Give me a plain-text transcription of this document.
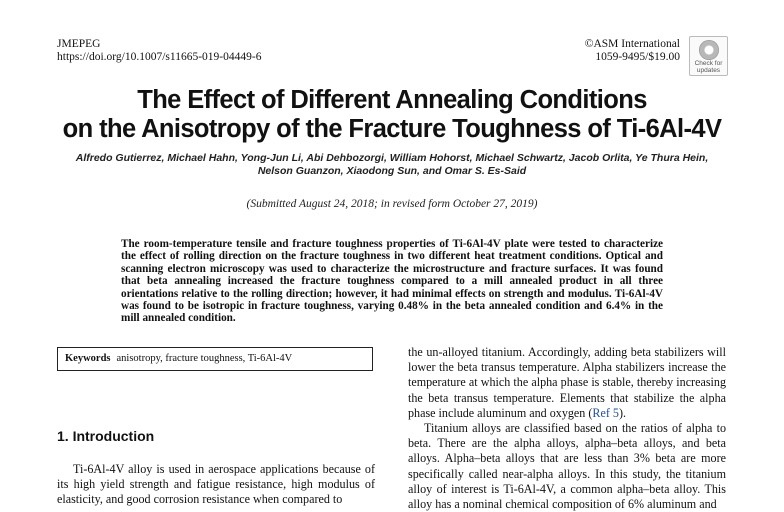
JMEPEG
https://doi.org/10.1007/s11665-019-04449-6
©ASM International
1059-9495/$19.00
Check for
updates
The Effect of Different Annealing Conditions
on the Anisotropy of the Fracture Toughness of Ti-6Al-4V
Alfredo Gutierrez, Michael Hahn, Yong-Jun Li, Abi Dehbozorgi, William Hohorst, Michael Schwartz, Jacob Orlita, Ye Thura Hein,
Nelson Guanzon, Xiaodong Sun, and Omar S. Es-Said
(Submitted August 24, 2018; in revised form October 27, 2019)
The room-temperature tensile and fracture toughness properties of Ti-6Al-4V plate were tested to characterize the effect of rolling direction on the fracture toughness in two different heat treatment conditions. Optical and scanning electron microscopy was used to characterize the microstructure and fracture surfaces. It was found that beta annealing increased the fracture toughness compared to a mill annealed product in all three orientations relative to the rolling direction; however, it had minimal effects on strength and modulus. Ti-6Al-4V was found to be isotropic in fracture toughness, varying 0.48% in the beta annealed condition and 6.4% in the mill annealed condition.
Keywords anisotropy, fracture toughness, Ti-6Al-4V
1. Introduction
Ti-6Al-4V alloy is used in aerospace applications because of its high yield strength and fatigue resistance, high modulus of elasticity, and good corrosion resistance when compared to

the un-alloyed titanium. Accordingly, adding beta stabilizers will lower the beta transus temperature. Alpha stabilizers increase the temperature at which the alpha phase is stable, thereby increasing the beta transus temperature. Elements that stabilize the alpha phase include aluminum and oxygen (Ref 5).

Titanium alloys are classified based on the ratios of alpha to beta. There are the alpha alloys, alpha–beta alloys, and beta alloys. Alpha–beta alloys that are less than 3% beta are more specifically called near-alpha alloys. In this study, the titanium alloy of interest is Ti-6Al-4V, a common alpha–beta alloy. This alloy has a nominal chemical composition of 6% aluminum and
